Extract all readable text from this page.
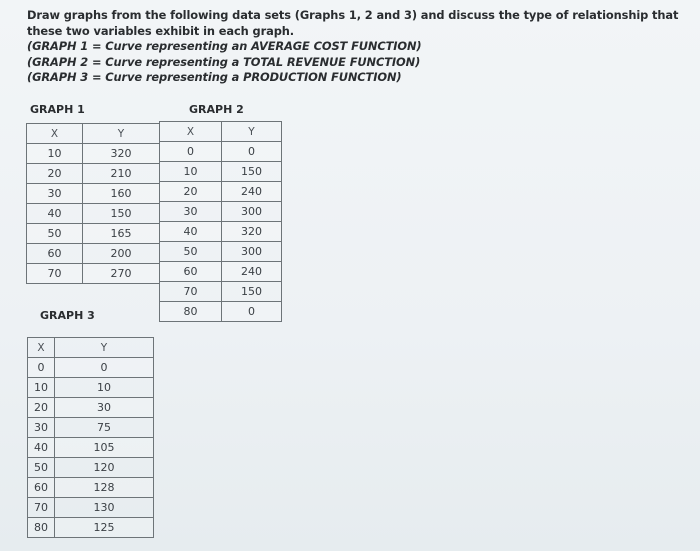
Draw graphs from the following data sets (Graphs 1, 2 and 3) and discuss the type of relationship that
these two variables exhibit in each graph.
(GRAPH 1 = Curve representing an AVERAGE COST FUNCTION)
(GRAPH 2 = Curve representing a TOTAL REVENUE FUNCTION)
(GRAPH 3 = Curve representing a PRODUCTION FUNCTION)
GRAPH 1
X	Y
10	320
20	210
30	160
40	150
50	165
60	200
70	270
GRAPH 2
X	Y
0	0
10	150
20	240
30	300
40	320
50	300
60	240
70	150
80	0
GRAPH 3
X	Y
0	0
10	10
20	30
30	75
40	105
50	120
60	128
70	130
80	125
